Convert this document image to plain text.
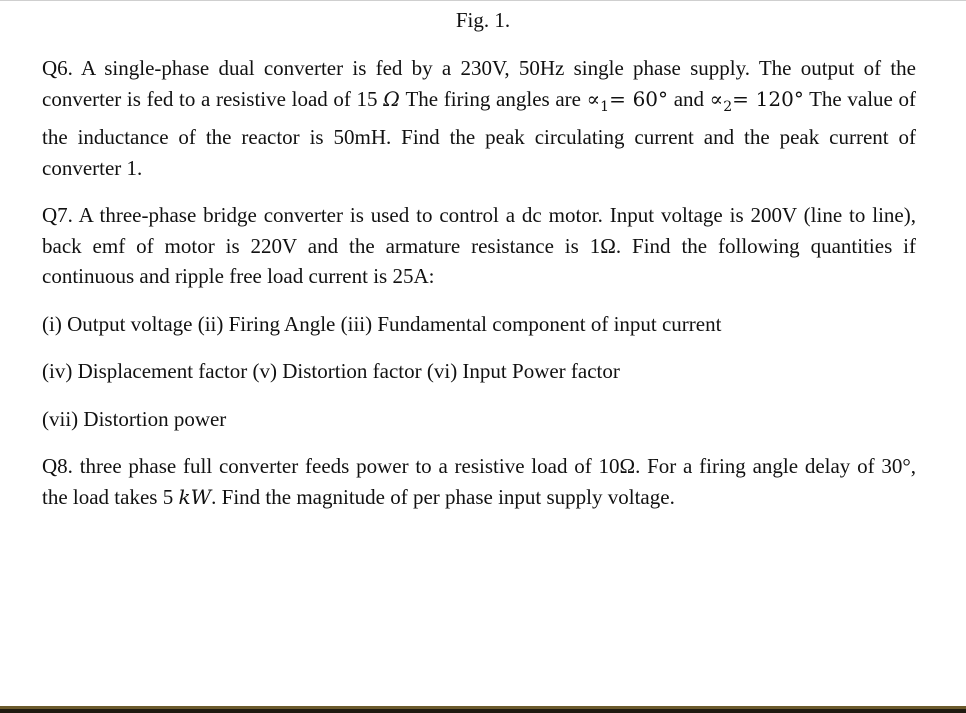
Fig. 1.

Q6. A single-phase dual converter is fed by a 230V, 50Hz single phase supply. The output of the converter is fed to a resistive load of 15 Ω The firing angles are $\propto_1= 60^\circ$ and $\propto_2= 120^\circ$ The value of the inductance of the reactor is 50mH. Find the peak circulating current and the peak current of converter 1.

Q7. A three-phase bridge converter is used to control a dc motor. Input voltage is 200V (line to line), back emf of motor is 220V and the armature resistance is 1Ω. Find the following quantities if continuous and ripple free load current is 25A:

(i) Output voltage (ii) Firing Angle (iii) Fundamental component of input current

(iv) Displacement factor (v) Distortion factor (vi) Input Power factor

(vii) Distortion power

Q8. three phase full converter feeds power to a resistive load of 10Ω. For a firing angle delay of 30°, the load takes 5 kW. Find the magnitude of per phase input supply voltage.
